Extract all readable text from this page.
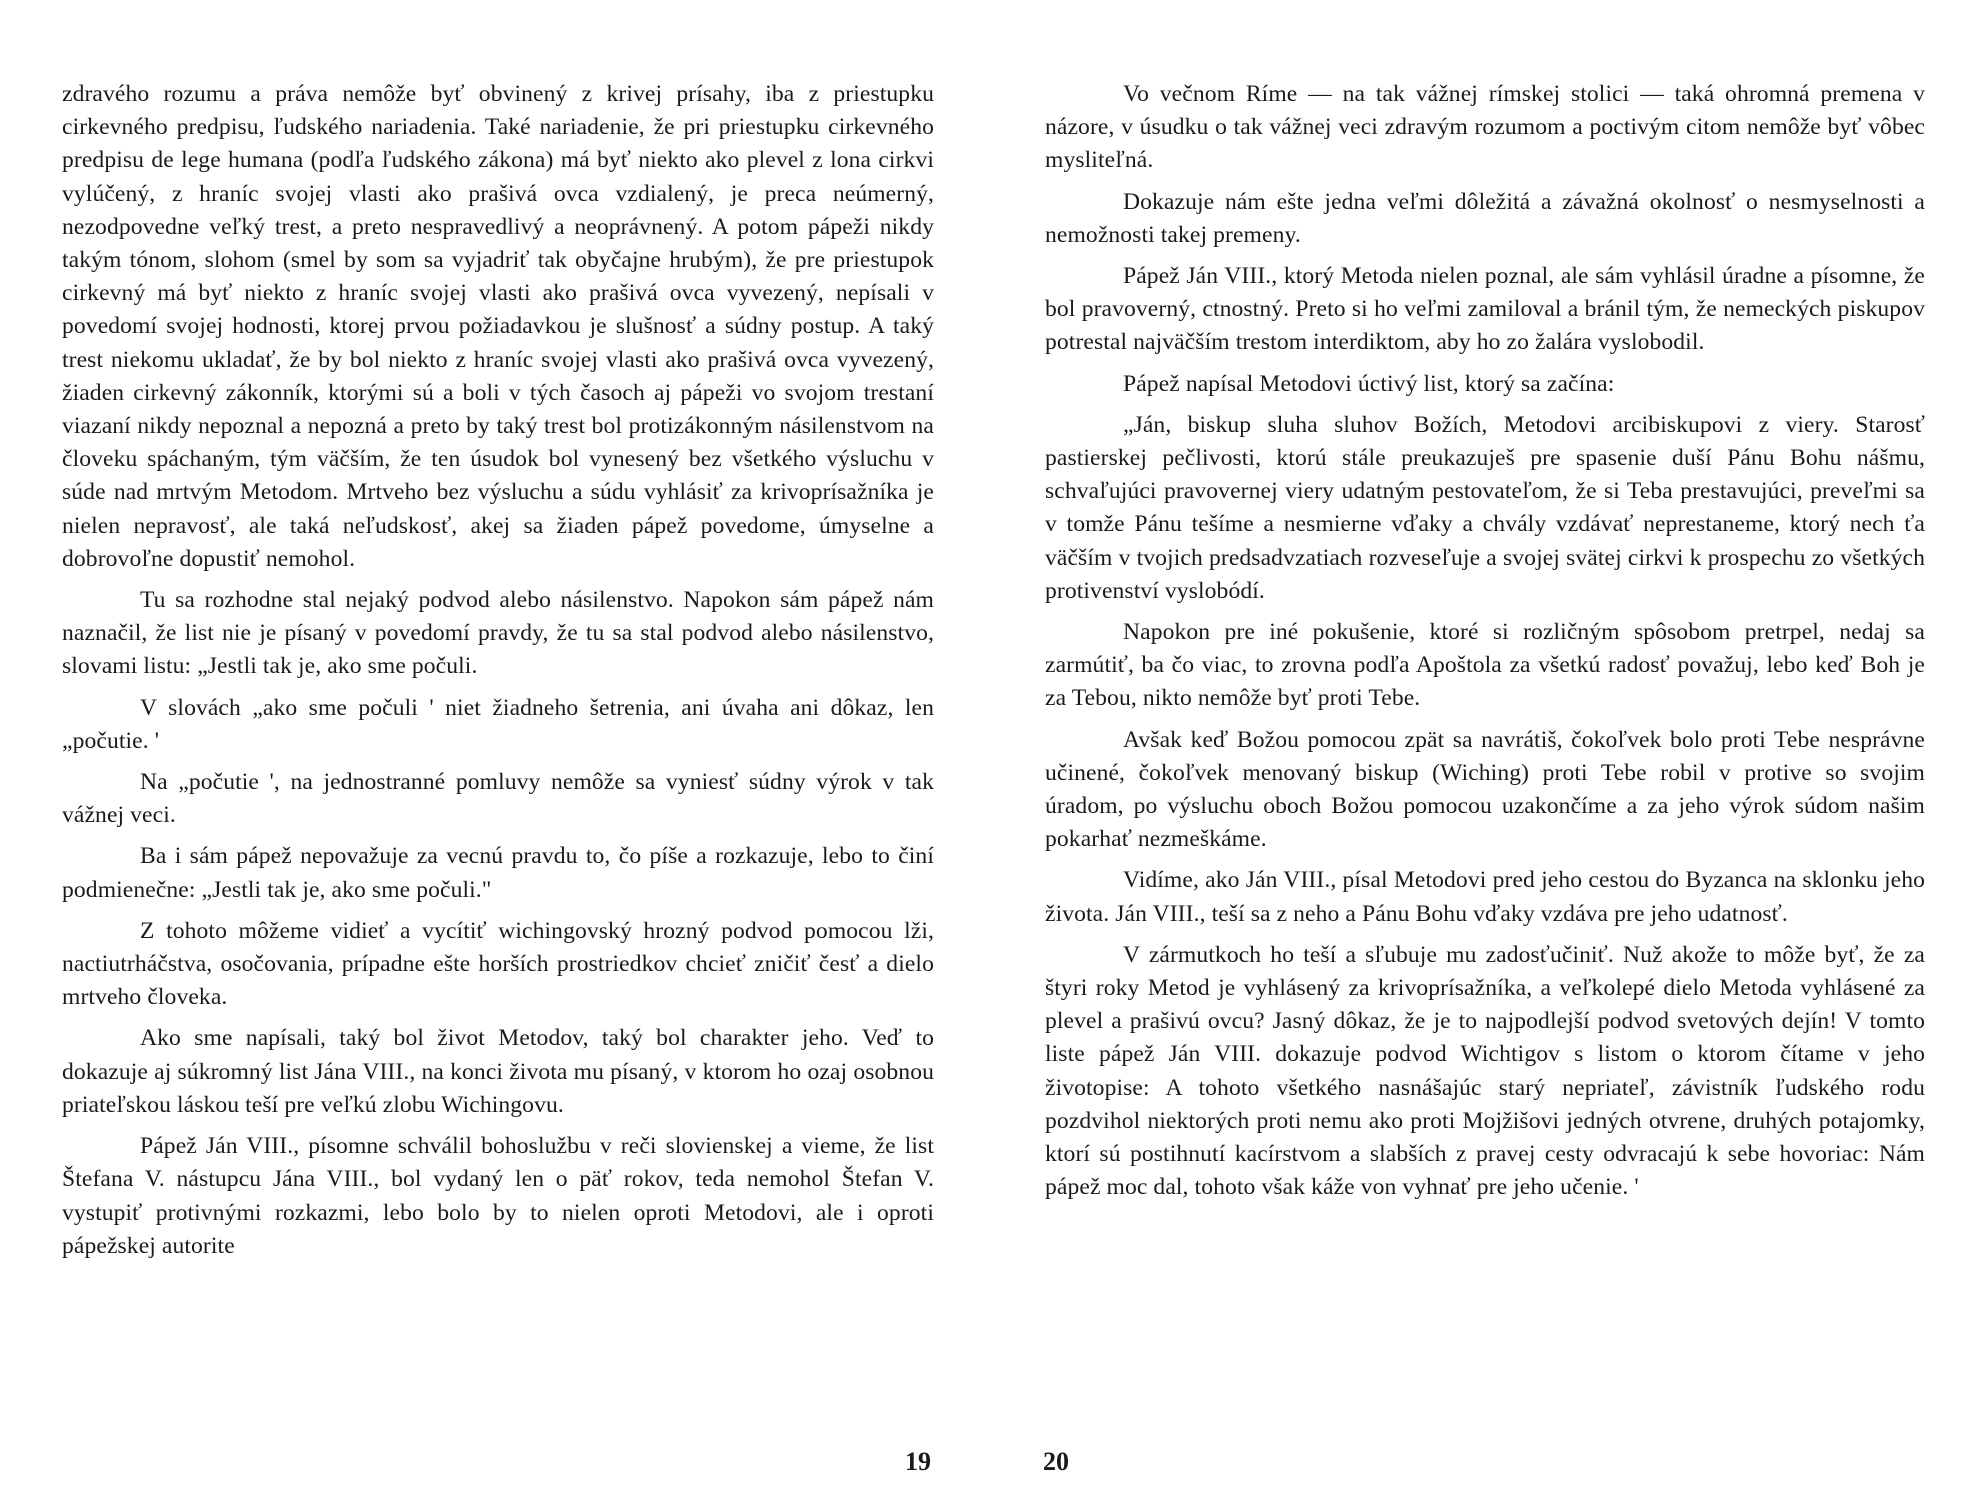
zdravého rozumu a práva nemôže byť obvinený z krivej prísahy, iba z priestupku cirkevného predpisu, ľudského nariadenia. Také nariadenie, že pri priestupku cirkevného predpisu de lege humana (podľa ľudského zákona) má byť niekto ako plevel z lona cirkvi vylúčený, z hraníc svojej vlasti ako prašivá ovca vzdialený, je preca neúmerný, nezodpovedne veľký trest, a preto nespravedlivý a neoprávnený. A potom pápeži nikdy takým tónom, slohom (smel by som sa vyjadriť tak obyčajne hrubým), že pre priestupok cirkevný má byť niekto z hraníc svojej vlasti ako prašivá ovca vyvezený, nepísali v povedomí svojej hodnosti, ktorej prvou požiadavkou je slušnosť a súdny postup. A taký trest niekomu ukladať, že by bol niekto z hraníc svojej vlasti ako prašivá ovca vyvezený, žiaden cirkevný zákonník, ktorými sú a boli v tých časoch aj pápeži vo svojom trestaní viazaní nikdy nepoznal a nepozná a preto by taký trest bol protizákonným násilenstvom na človeku spáchaným, tým väčším, že ten úsudok bol vynesený bez všetkého výsluchu v súde nad mrtvým Metodom. Mrtveho bez výsluchu a súdu vyhlásiť za krivoprísažníka je nielen nepravosť, ale taká neľudskosť, akej sa žiaden pápež povedome, úmyselne a dobrovoľne dopustiť nemohol.

Tu sa rozhodne stal nejaký podvod alebo násilenstvo. Napokon sám pápež nám naznačil, že list nie je písaný v povedomí pravdy, že tu sa stal podvod alebo násilenstvo, slovami listu: „Jestli tak je, ako sme počuli.

V slovách „ako sme počuli ' niet žiadneho šetrenia, ani úvaha ani dôkaz, len „počutie. '

Na „počutie ', na jednostranné pomluvy nemôže sa vyniesť súdny výrok v tak vážnej veci.

Ba i sám pápež nepovažuje za vecnú pravdu to, čo píše a rozkazuje, lebo to činí podmienečne: „Jestli tak je, ako sme počuli."

Z tohoto môžeme vidieť a vycítiť wichingovský hrozný podvod pomocou lži, nactiutrháčstva, osočovania, prípadne ešte horších prostriedkov chcieť zničiť česť a dielo mrtveho človeka.

Ako sme napísali, taký bol život Metodov, taký bol charakter jeho. Veď to dokazuje aj súkromný list Jána VIII., na konci života mu písaný, v ktorom ho ozaj osobnou priateľskou láskou teší pre veľkú zlobu Wichingovu.

Pápež Ján VIII., písomne schválil bohoslužbu v reči slovienskej a vieme, že list Štefana V. nástupcu Jána VIII., bol vydaný len o päť rokov, teda nemohol Štefan V. vystupiť protivnými rozkazmi, lebo bolo by to nielen oproti Metodovi, ale i oproti pápežskej autorite

19

Vo večnom Ríme — na tak vážnej rímskej stolici — taká ohromná premena v názore, v úsudku o tak vážnej veci zdravým rozumom a poctivým citom nemôže byť vôbec mysliteľná.

Dokazuje nám ešte jedna veľmi dôležitá a závažná okolnosť o nesmyselnosti a nemožnosti takej premeny.

Pápež Ján VIII., ktorý Metoda nielen poznal, ale sám vyhlásil úradne a písomne, že bol pravoverný, ctnostný. Preto si ho veľmi zamiloval a bránil tým, že nemeckých piskupov potrestal najväčším trestom interdiktom, aby ho zo žalára vyslobodil.

Pápež napísal Metodovi úctivý list, ktorý sa začína:

„Ján, biskup sluha sluhov Božích, Metodovi arcibiskupovi z viery. Starosť pastierskej pečlivosti, ktorú stále preukazuješ pre spasenie duší Pánu Bohu nášmu, schvaľujúci pravovernej viery udatným pestovateľom, že si Teba prestavujúci, preveľmi sa v tomže Pánu tešíme a nesmierne vďaky a chvály vzdávať neprestaneme, ktorý nech ťa väčším v tvojich predsadvzatiach rozveseľuje a svojej svätej cirkvi k prospechu zo všetkých protivenství vyslobódí.

Napokon pre iné pokušenie, ktoré si rozličným spôsobom pretrpel, nedaj sa zarmútiť, ba čo viac, to zrovna podľa Apoštola za všetkú radosť považuj, lebo keď Boh je za Tebou, nikto nemôže byť proti Tebe.

Avšak keď Božou pomocou zpät sa navrátiš, čokoľvek bolo proti Tebe nesprávne učinené, čokoľvek menovaný biskup (Wiching) proti Tebe robil v protive so svojim úradom, po výsluchu oboch Božou pomocou uzakončíme a za jeho výrok súdom našim pokarhať nezmeškáme.

Vidíme, ako Ján VIII., písal Metodovi pred jeho cestou do Byzanca na sklonku jeho života. Ján VIII., teší sa z neho a Pánu Bohu vďaky vzdáva pre jeho udatnosť.

V zármutkoch ho teší a sľubuje mu zadosťučiniť. Nuž akože to môže byť, že za štyri roky Metod je vyhlásený za krivoprísažníka, a veľkolepé dielo Metoda vyhlásené za plevel a prašivú ovcu? Jasný dôkaz, že je to najpodlejší podvod svetových dejín! V tomto liste pápež Ján VIII. dokazuje podvod Wichtigov s listom o ktorom čítame v jeho životopise: A tohoto všetkého nasnášajúc starý nepriateľ, závistník ľudského rodu pozdvihol niektorých proti nemu ako proti Mojžišovi jedných otvrene, druhých potajomky, ktorí sú postihnutí kacírstvom a slabších z pravej cesty odvracajú k sebe hovoriac: Nám pápež moc dal, tohoto však káže von vyhnať pre jeho učenie. '

20
